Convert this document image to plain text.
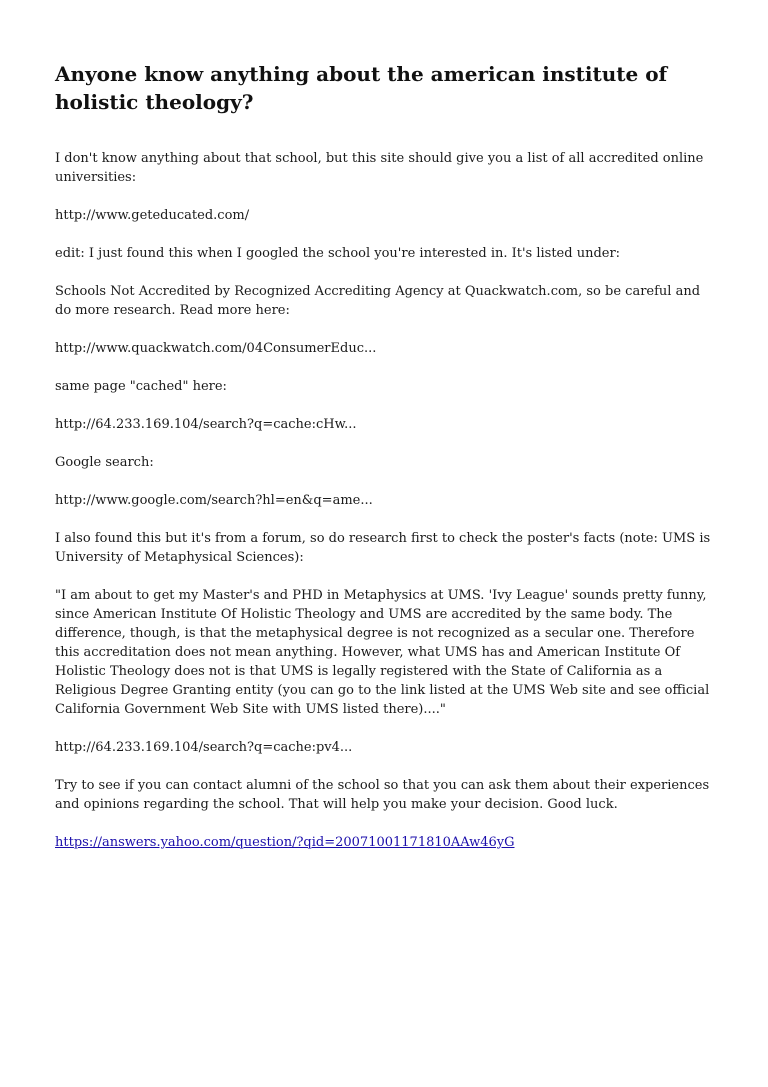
Anyone know anything about the american institute of holistic theology?

I don't know anything about that school, but this site should give you a list of all accredited online universities:

http://www.geteducated.com/

edit: I just found this when I googled the school you're interested in. It's listed under:

Schools Not Accredited by Recognized Accrediting Agency at Quackwatch.com, so be careful and do more research. Read more here:

http://www.quackwatch.com/04ConsumerEduc...

same page "cached" here:

http://64.233.169.104/search?q=cache:cHw...

Google search:

http://www.google.com/search?hl=en&q=ame...

I also found this but it's from a forum, so do research first to check the poster's facts (note: UMS is University of Metaphysical Sciences):

"I am about to get my Master's and PHD in Metaphysics at UMS. 'Ivy League' sounds pretty funny, since American Institute Of Holistic Theology and UMS are accredited by the same body. The difference, though, is that the metaphysical degree is not recognized as a secular one. Therefore this accreditation does not mean anything. However, what UMS has and American Institute Of Holistic Theology does not is that UMS is legally registered with the State of California as a Religious Degree Granting entity (you can go to the link listed at the UMS Web site and see official California Government Web Site with UMS listed there)...."

http://64.233.169.104/search?q=cache:pv4...

Try to see if you can contact alumni of the school so that you can ask them about their experiences and opinions regarding the school. That will help you make your decision. Good luck.

https://answers.yahoo.com/question/?qid=20071001171810AAw46yG
